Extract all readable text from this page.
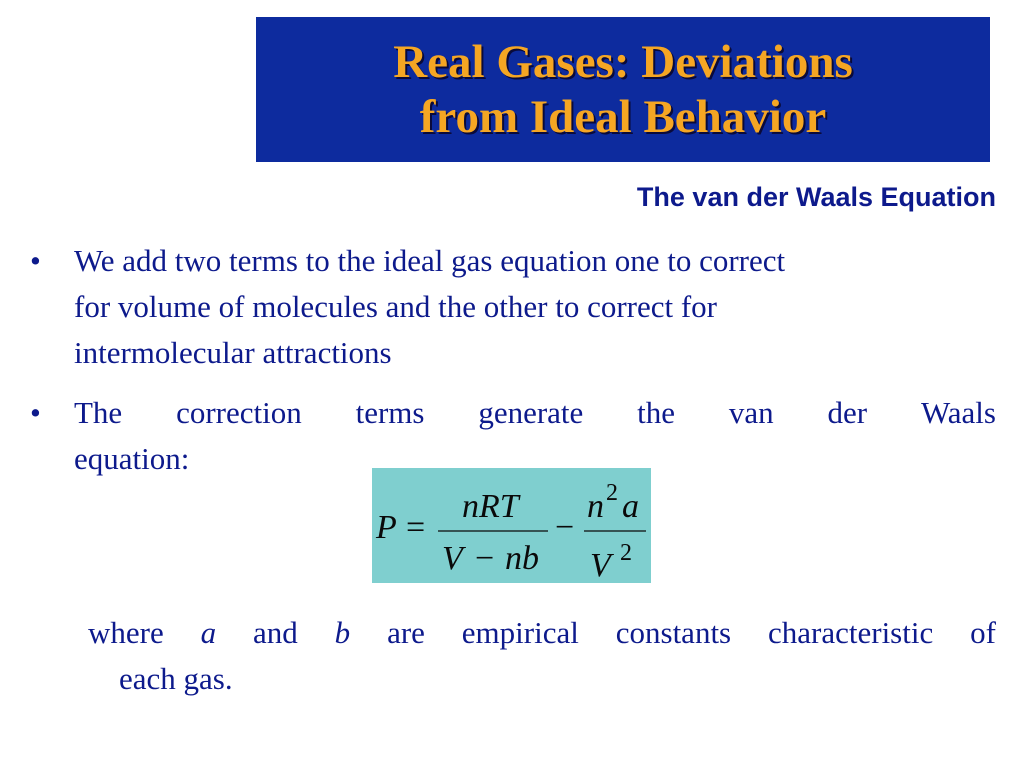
Real Gases: Deviations
from Ideal Behavior
The van der Waals Equation
•	We add two terms to the ideal gas equation one to correct
for volume of molecules and the other to correct for
intermolecular attractions
•	The correction terms generate the van der Waals
equation:
P =
nRT
V − nb
−
n 2 a
V 2
where a and b are empirical constants characteristic of
each gas.
